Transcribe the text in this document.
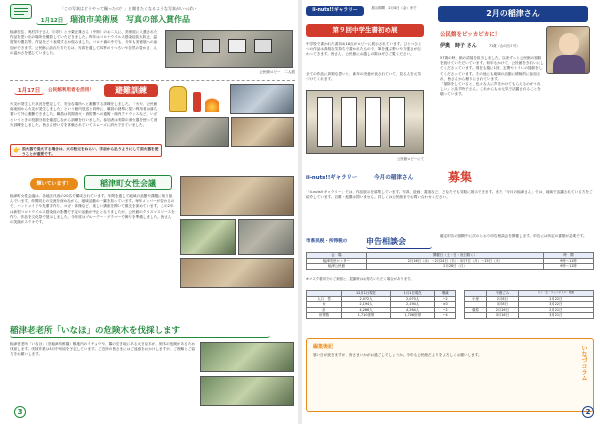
「この写真はどうやって撮ったの？」と聞きたくなるような写真がいっぱい
1月12日 瑞浪市美術展　写真の部入賞作品
稲津在住、奥村洋子さん（川折）と小栗正雄さん（中街）のお二人に、美術展に入選された作品を思い出の場所を撮影していただきました。昨年はコロナウイルス感染症拡大防止、温度知や題名等、作品をどう表現するか悩みました。コロナ禍の中でも、今年も美術展への参加ができます。公民館に訪れた方たちは、写真を通して四季のうつろいや自然の豊かさ、人の温かさを感じていました。
公民館ロビー　二人展
1月17日	公民館利用者を活用！	避難訓練
火災が発生した状況を想定して、安全な場所へと避難する訓練をしました。「火や、公民館南東面から火災が発生しました」という館内放送と同時に、職員の誘導に従い利用者は落ち着いて外に避難できました。職員は初期消火・消防署への通報・館内アナウンスなど、いざというときの役割分担を確認しながら訓練を行いました。参加者は実際の消火器を使って消火訓練をしました。皆さん使い方を体験されていてスムーズに消火できていました。
👉 消火器で消火する場合は、火の粉元をねらい、手前から払うようにして消火器を使うことが重要です。
輝いています！	稲津町女性会議
稲津町女性会議は、各地区代表の20名で構成されています。年間を通して地域の話題や課題に取り組んでいます。仲間同士の交流を深めながら、地域活動の一翼を担っています。毎年メンバーが変わるので、ハンドメイドや先輩手作り、ヨガ・体操など、楽しい講座を開いて親交を深めています。この2年は新型コロナウイルス感染症の影響で予定の活動が中止となりましたが、公民館のクリスマスリースを作り、作品を文化祭で展示しました。今年度はブルーデー・グラマーで飾りを準備しました。皆さんの笑顔がステキです。
稲津老老所「いなほ」の危険木を伐採します
稲津老老所「いなほ」（旧稲津幼稚園）敷地内のイチョウや、隣の空き地にある大きな木が、倒木の危険があるため伐採します。伐採作業は3月中旬頃を予定しています。ご近所の皆さまにはご迷惑をおかけしますが、ご理解とご協力をお願いします。
3
ii-nuts!!ギャラリー	展示期間　2月4日（金）まで
第９回中学生書初め展
中学校で書かれた書初め18点がロビーに展示されています。ひとつひとつの作品は真剣な気持ちで書かれたもので、筆を運ぶ勢いや力強さが伝わってきます。皆さん、公民館にお越しの際はぜひご覧ください。
全ての作品に真剣な思いと、新年の決意が表されていて、見る人を元気づけてくれます。
公民館ロビーにて
2月の稲津さん
公民館をピッカピカに！
伊奥　時子 さん	71歳（山の田２号）
57歳の時、館の清掃を担当しました。以来ずっと公民館の掃除を続けていただいています。何年もかけて、公民館をきれいにしてくださっています。現在も週に1回、玄関やトイレの掃除をしてくださっています。その他にも地域の活動に積極的に参加され、皆さんから頼りにされています。
「掃除をしていると、色々な人に声をかけてもらえるのがうれしい」と話す時子さん。これからもお元気で活躍されることを願っています。
ii-nuts!!ギャラリー	今月の稲津さん	募集
「ii-nuts!!ギャラリー」では、作品展示を募集しています。写真、絵画、書道など、どなたでも気軽に展示できます。また「今月の稲津さん」では、地域で活躍されている方をご紹介しています。自薦・他薦は問いません。詳しくは公民館までお問い合わせください。
市県民税・所得税の	申告相談会
確定申告の期間中に次のとおり申告相談会を開催します。申告には所定の書類が必要です。
会　場	開催日（土・日・祝日除く）	時　間
稲津市民センター	2月16日（水）〜2月24日（木）・3月7日（月）〜15日（火）	9時〜11時
稲津公民館	2月28日（月）	9時〜11時
※マスク着用でのご来館と、混雑時はお待ちいただく場合があります。
	12月1日現在	1月1日現在	増減
人口　男	2,072人	2,070人	−2
女	2,194人	2,194人	±0
計	4,266人	4,264人	−2
世帯数	1,710世帯	1,706世帯	−4
	不燃ごみ	ビン・缶・ペットボトル・紙類
小里	2月8日	2月22日
	3月8日	3月22日
萩原	2月16日	2月21日
	3月16日	3月21日
編集後記
寒い日が続きますが、皆さまいかがお過ごしでしょうか。今年も公民館だよりをよろしくお願いします。	いなづコラム
2
